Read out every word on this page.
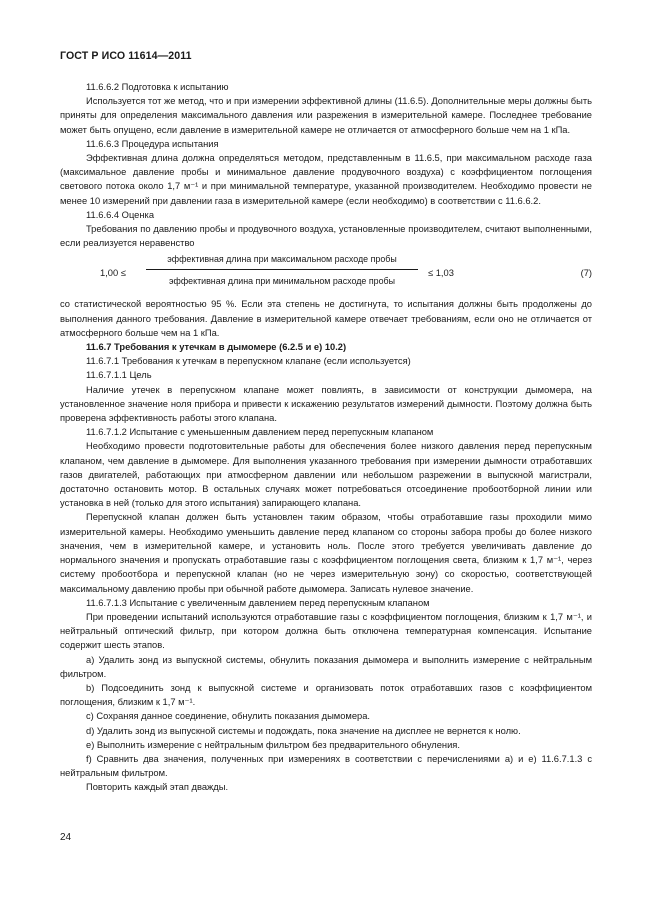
ГОСТ Р ИСО 11614—2011

11.6.6.2 Подготовка к испытанию

Используется тот же метод, что и при измерении эффективной длины (11.6.5). Дополнительные меры должны быть приняты для определения максимального давления или разрежения в измерительной камере. Последнее требование может быть опущено, если давление в измерительной камере не отличается от атмосферного больше чем на 1 кПа.

11.6.6.3 Процедура испытания

Эффективная длина должна определяться методом, представленным в 11.6.5, при максимальном расходе газа (максимальное давление пробы и минимальное давление продувочного воздуха) с коэффициентом поглощения светового потока около 1,7 м⁻¹ и при минимальной температуре, указанной производителем. Необходимо провести не менее 10 измерений при давлении газа в измерительной камере (если необходимо) в соответствии с 11.6.6.2.

11.6.6.4 Оценка

Требования по давлению пробы и продувочного воздуха, установленные производителем, считают выполненными, если реализуется неравенство

1,00 ≤
эффективная длина при максимальном расходе пробы
эффективная длина при минимальном расходе пробы
≤ 1,03	(7)

со статистической вероятностью 95 %. Если эта степень не достигнута, то испытания должны быть продолжены до выполнения данного требования. Давление в измерительной камере отвечает требованиям, если оно не отличается от атмосферного больше чем на 1 кПа.

11.6.7 Требования к утечкам в дымомере (6.2.5 и е) 10.2)

11.6.7.1 Требования к утечкам в перепускном клапане (если используется)

11.6.7.1.1 Цель

Наличие утечек в перепускном клапане может повлиять, в зависимости от конструкции дымомера, на установленное значение ноля прибора и привести к искажению результатов измерений дымности. Поэтому должна быть проверена эффективность работы этого клапана.

11.6.7.1.2 Испытание с уменьшенным давлением перед перепускным клапаном

Необходимо провести подготовительные работы для обеспечения более низкого давления перед перепускным клапаном, чем давление в дымомере. Для выполнения указанного требования при измерении дымности отработавших газов двигателей, работающих при атмосферном давлении или небольшом разрежении в выпускной магистрали, достаточно остановить мотор. В остальных случаях может потребоваться отсоединение пробоотборной линии или установка в ней (только для этого испытания) запирающего клапана.

Перепускной клапан должен быть установлен таким образом, чтобы отработавшие газы проходили мимо измерительной камеры. Необходимо уменьшить давление перед клапаном со стороны забора пробы до более низкого значения, чем в измерительной камере, и установить ноль. После этого требуется увеличивать давление до нормального значения и пропускать отработавшие газы с коэффициентом поглощения света, близким к 1,7 м⁻¹, через систему пробоотбора и перепускной клапан (но не через измерительную зону) со скоростью, соответствующей максимальному давлению пробы при обычной работе дымомера. Записать нулевое значение.

11.6.7.1.3 Испытание с увеличенным давлением перед перепускным клапаном

При проведении испытаний используются отработавшие газы с коэффициентом поглощения, близким к 1,7 м⁻¹, и нейтральный оптический фильтр, при котором должна быть отключена температурная компенсация. Испытание содержит шесть этапов.

а) Удалить зонд из выпускной системы, обнулить показания дымомера и выполнить измерение с нейтральным фильтром.

b) Подсоединить зонд к выпускной системе и организовать поток отработавших газов с коэффициентом поглощения, близким к 1,7 м⁻¹.

с) Сохраняя данное соединение, обнулить показания дымомера.

d) Удалить зонд из выпускной системы и подождать, пока значение на дисплее не вернется к нолю.

е) Выполнить измерение с нейтральным фильтром без предварительного обнуления.

f) Сравнить два значения, полученных при измерениях в соответствии с перечислениями а) и е) 11.6.7.1.3 с нейтральным фильтром.

Повторить каждый этап дважды.

24
